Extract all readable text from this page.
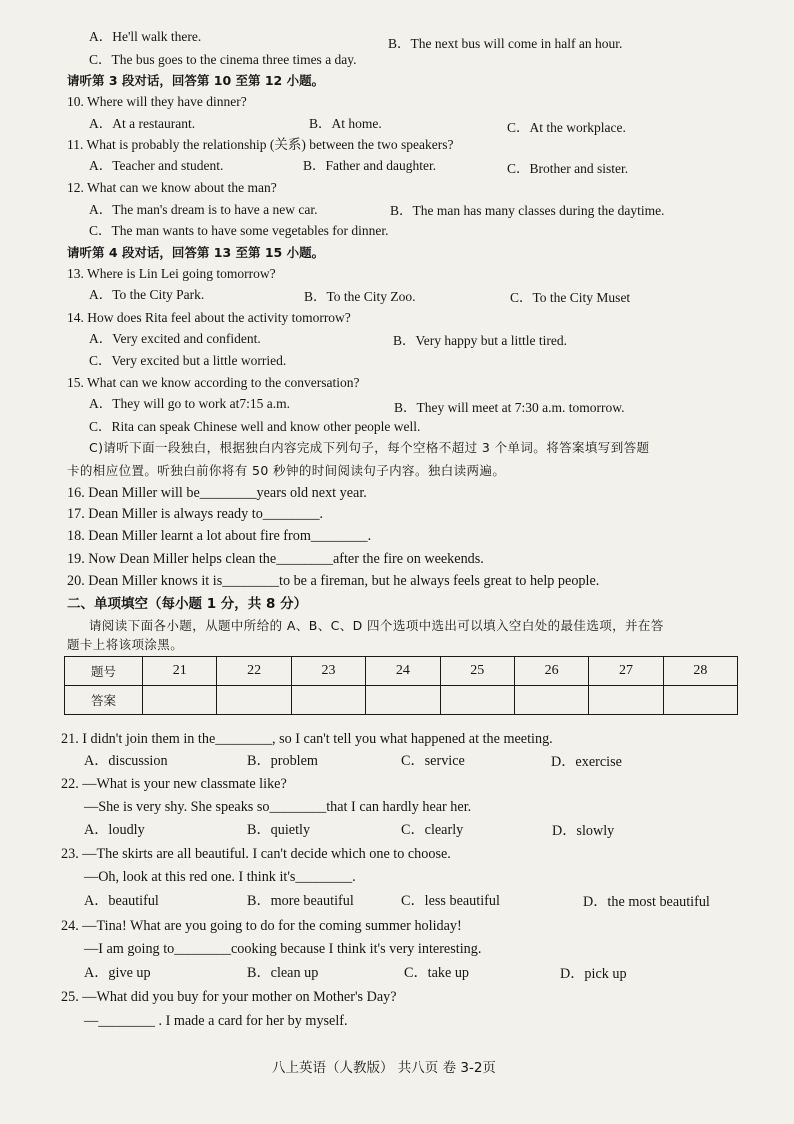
A．He'll walk there.	B．The next bus will come in half an hour.
C．The bus goes to the cinema three times a day.
请听第 3 段对话，回答第 10 至第 12 小题。
10. Where will they have dinner?
A．At a restaurant.	B．At home.	C．At the workplace.
11. What is probably the relationship (关系) between the two speakers?
A．Teacher and student.	B．Father and daughter.	C．Brother and sister.
12. What can we know about the man?
A．The man's dream is to have a new car.	B．The man has many classes during the daytime.
C．The man wants to have some vegetables for dinner.
请听第 4 段对话，回答第 13 至第 15 小题。
13. Where is Lin Lei going tomorrow?
A．To the City Park.	B．To the City Zoo.	C．To the City Muset
14. How does Rita feel about the activity tomorrow?
A．Very excited and confident.	B．Very happy but a little tired.
C．Very excited but a little worried.
15. What can we know according to the conversation?
A．They will go to work at7:15 a.m.	B．They will meet at 7:30 a.m. tomorrow.
C．Rita can speak Chinese well and know other people well.
C)请听下面一段独白，根据独白内容完成下列句子，每个空格不超过 3 个单词。将答案填写到答题
卡的相应位置。听独白前你将有 50 秒钟的时间阅读句子内容。独白读两遍。
16. Dean Miller will be________years old next year.
17. Dean Miller is always ready to________.
18. Dean Miller learnt a lot about fire from________.
19. Now Dean Miller helps clean the________after the fire on weekends.
20. Dean Miller knows it is________to be a fireman, but he always feels great to help people.
二、单项填空（每小题 1 分，共 8 分）
请阅读下面各小题，从题中所给的 A、B、C、D 四个选项中选出可以填入空白处的最佳选项，并在答
题卡上将该项涂黑。
题号	21	22	23	24	25	26	27	28
答案								
21. I didn't join them in the________, so I can't tell you what happened at the meeting.
A．discussion	B．problem	C．service	D．exercise
22. —What is your new classmate like?
—She is very shy. She speaks so________that I can hardly hear her.
A．loudly	B．quietly	C．clearly	D．slowly
23. —The skirts are all beautiful. I can't decide which one to choose.
—Oh, look at this red one. I think it's________.
A．beautiful	B．more beautiful	C．less beautiful	D．the most beautiful
24. —Tina! What are you going to do for the coming summer holiday!
—I am going to________cooking because I think it's very interesting.
A．give up	B．clean up	C．take up	D．pick up
25. —What did you buy for your mother on Mother's Day?
—________ . I made a card for her by myself.
八上英语（人教版） 共八页 卷 3-2页
